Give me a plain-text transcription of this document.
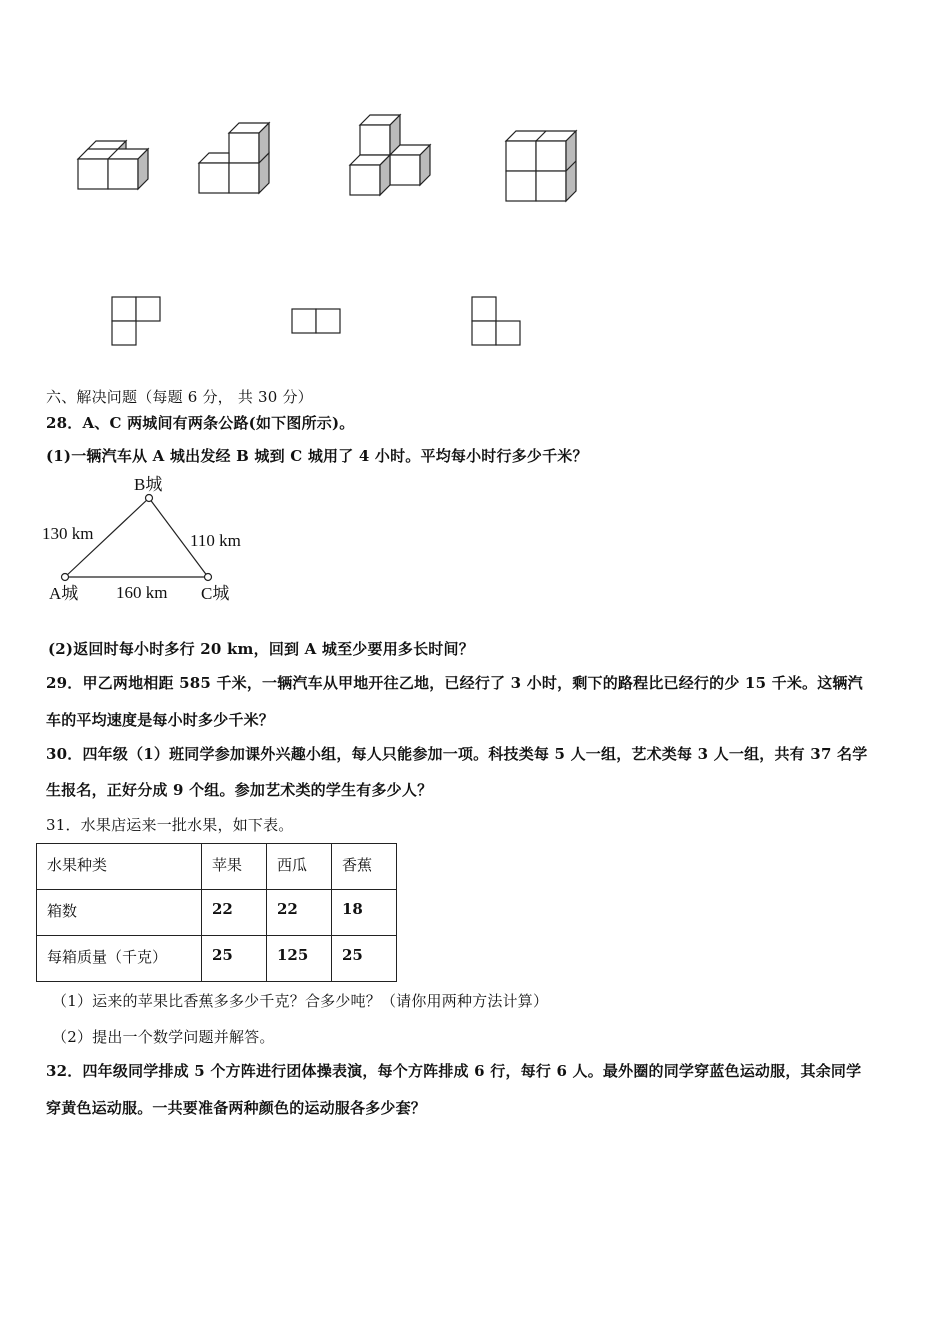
六、解决问题（每题 6 分， 共 30 分）
28．A、C 两城间有两条公路(如下图所示)。
(1)一辆汽车从 A 城出发经 B 城到 C 城用了 4 小时。平均每小时行多少千米？
B城
A城	C城
130 km	110 km
160 km
(2)返回时每小时多行 20 km，回到 A 城至少要用多长时间？
29．甲乙两地相距 585 千米，一辆汽车从甲地开往乙地，已经行了 3 小时，剩下的路程比已经行的少 15 千米。这辆汽
车的平均速度是每小时多少千米？
30．四年级（1）班同学参加课外兴趣小组，每人只能参加一项。科技类每 5 人一组，艺术类每 3 人一组，共有 37 名学
生报名，正好分成 9 个组。参加艺术类的学生有多少人？
31．水果店运来一批水果，如下表。
水果种类	苹果	西瓜	香蕉
箱数	22	22	18
每箱质量（千克）	25	125	25
（1）运来的苹果比香蕉多多少千克？合多少吨？（请你用两种方法计算）
（2）提出一个数学问题并解答。
32．四年级同学排成 5 个方阵进行团体操表演，每个方阵排成 6 行，每行 6 人。最外圈的同学穿蓝色运动服，其余同学
穿黄色运动服。一共要准备两种颜色的运动服各多少套？
